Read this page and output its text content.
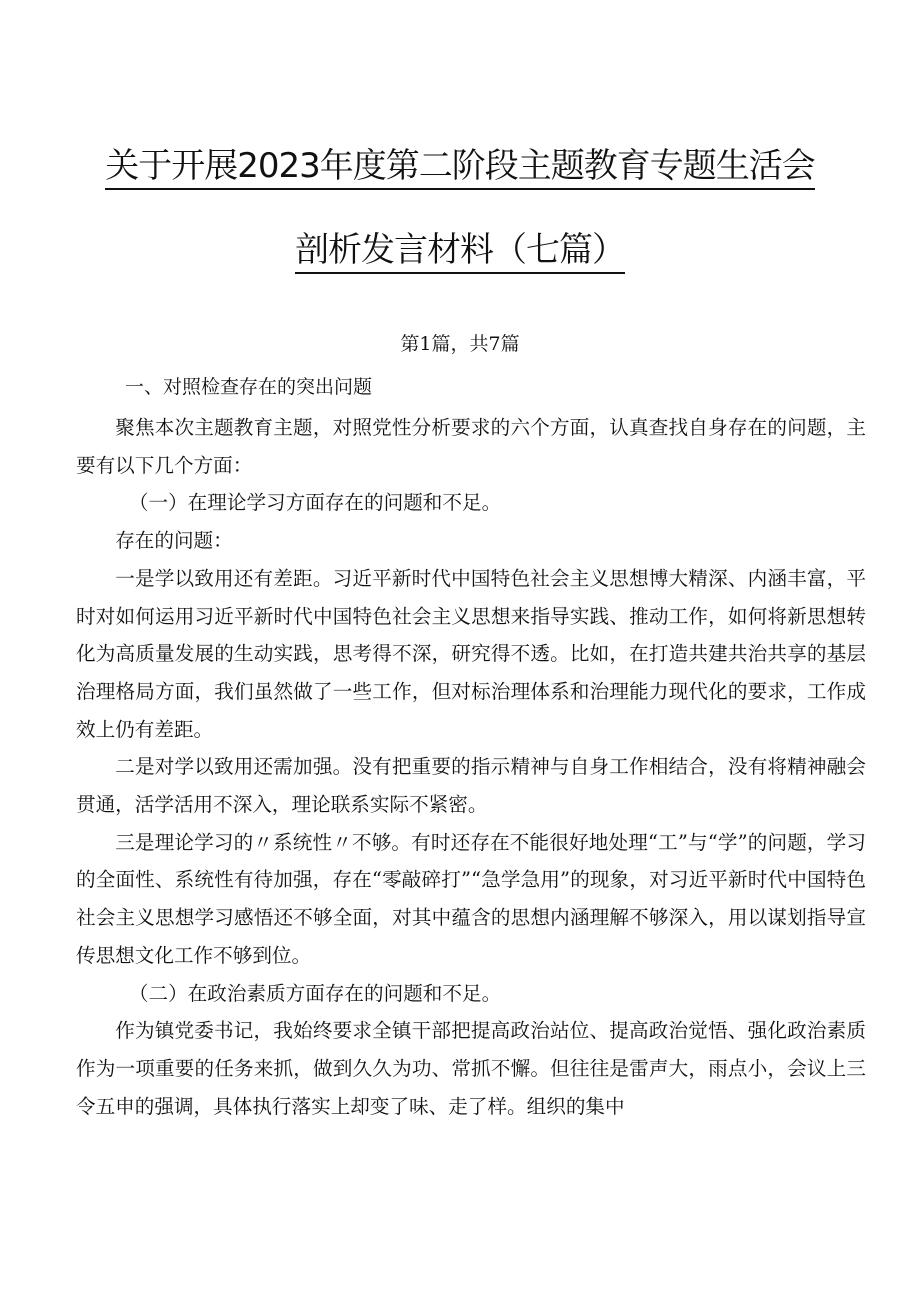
关于开展2023年度第二阶段主题教育专题生活会
剖析发言材料（七篇）
第1篇，共7篇
一、对照检查存在的突出问题

聚焦本次主题教育主题，对照党性分析要求的六个方面，认真查找自身存在的问题，主要有以下几个方面：

（一）在理论学习方面存在的问题和不足。

存在的问题：

一是学以致用还有差距。习近平新时代中国特色社会主义思想博大精深、内涵丰富，平时对如何运用习近平新时代中国特色社会主义思想来指导实践、推动工作，如何将新思想转化为高质量发展的生动实践，思考得不深，研究得不透。比如，在打造共建共治共享的基层治理格局方面，我们虽然做了一些工作，但对标治理体系和治理能力现代化的要求，工作成效上仍有差距。

二是对学以致用还需加强。没有把重要的指示精神与自身工作相结合，没有将精神融会贯通，活学活用不深入，理论联系实际不紧密。

三是理论学习的〃系统性〃不够。有时还存在不能很好地处理“工”与“学”的问题，学习的全面性、系统性有待加强，存在“零敲碎打”“急学急用”的现象，对习近平新时代中国特色社会主义思想学习感悟还不够全面，对其中蕴含的思想内涵理解不够深入，用以谋划指导宣传思想文化工作不够到位。

（二）在政治素质方面存在的问题和不足。

作为镇党委书记，我始终要求全镇干部把提高政治站位、提高政治觉悟、强化政治素质作为一项重要的任务来抓，做到久久为功、常抓不懈。但往往是雷声大，雨点小，会议上三令五申的强调，具体执行落实上却变了味、走了样。组织的集中
